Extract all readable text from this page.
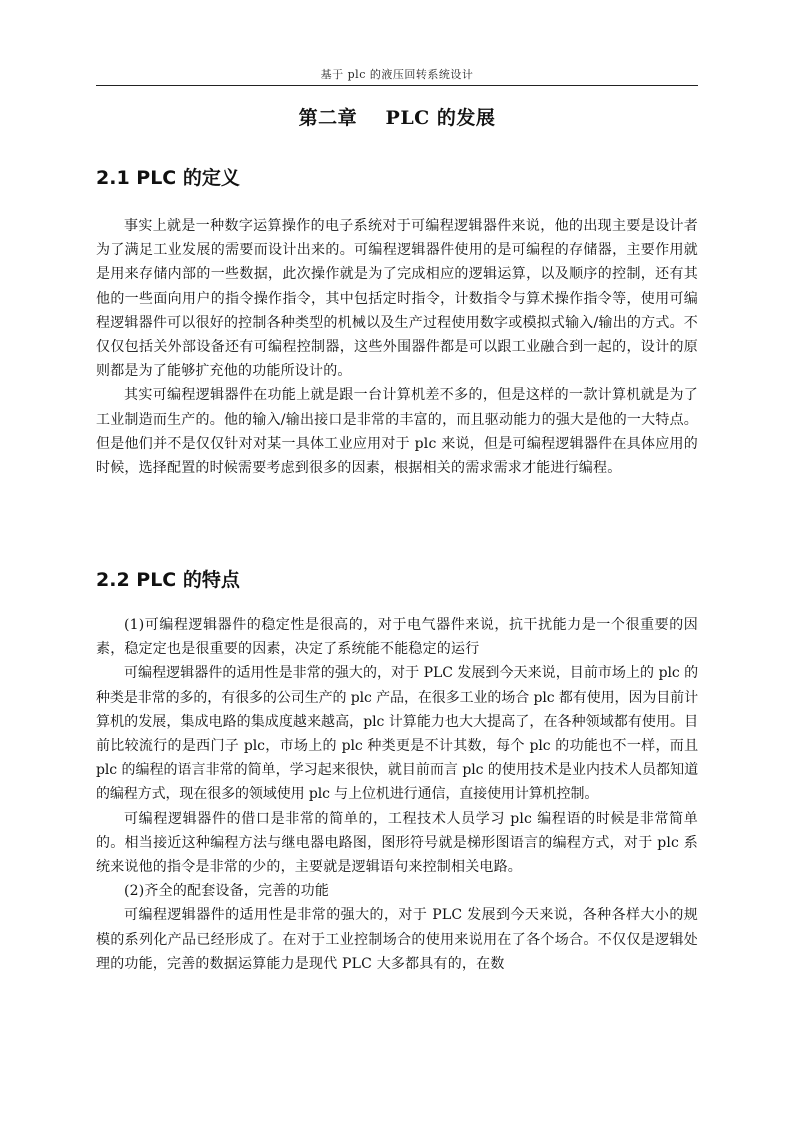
基于 plc 的液压回转系统设计
第二章    PLC 的发展
2.1 PLC 的定义

事实上就是一种数字运算操作的电子系统对于可编程逻辑器件来说，他的出现主要是设计者为了满足工业发展的需要而设计出来的。可编程逻辑器件使用的是可编程的存储器，主要作用就是用来存储内部的一些数据，此次操作就是为了完成相应的逻辑运算，以及顺序的控制，还有其他的一些面向用户的指令操作指令，其中包括定时指令，计数指令与算术操作指令等，使用可编程逻辑器件可以很好的控制各种类型的机械以及生产过程使用数字或模拟式输入/输出的方式。不仅仅包括关外部设备还有可编程控制器，这些外围器件都是可以跟工业融合到一起的，设计的原则都是为了能够扩充他的功能所设计的。

其实可编程逻辑器件在功能上就是跟一台计算机差不多的，但是这样的一款计算机就是为了工业制造而生产的。他的输入/输出接口是非常的丰富的，而且驱动能力的强大是他的一大特点。但是他们并不是仅仅针对对某一具体工业应用对于 plc 来说，但是可编程逻辑器件在具体应用的时候，选择配置的时候需要考虑到很多的因素，根据相关的需求需求才能进行编程。

2.2 PLC 的特点

(1)可编程逻辑器件的稳定性是很高的，对于电气器件来说，抗干扰能力是一个很重要的因素，稳定定也是很重要的因素，决定了系统能不能稳定的运行

可编程逻辑器件的适用性是非常的强大的，对于 PLC 发展到今天来说，目前市场上的 plc 的种类是非常的多的，有很多的公司生产的 plc 产品，在很多工业的场合 plc 都有使用，因为目前计算机的发展，集成电路的集成度越来越高，plc 计算能力也大大提高了，在各种领域都有使用。目前比较流行的是西门子 plc，市场上的 plc 种类更是不计其数，每个 plc 的功能也不一样，而且 plc 的编程的语言非常的简单，学习起来很快，就目前而言 plc 的使用技术是业内技术人员都知道的编程方式，现在很多的领域使用 plc 与上位机进行通信，直接使用计算机控制。

可编程逻辑器件的借口是非常的简单的，工程技术人员学习 plc 编程语的时候是非常简单的。相当接近这种编程方法与继电器电路图，图形符号就是梯形图语言的编程方式，对于 plc 系统来说他的指令是非常的少的，主要就是逻辑语句来控制相关电路。

(2)齐全的配套设备，完善的功能

可编程逻辑器件的适用性是非常的强大的，对于 PLC 发展到今天来说，各种各样大小的规模的系列化产品已经形成了。在对于工业控制场合的使用来说用在了各个场合。不仅仅是逻辑处理的功能，完善的数据运算能力是现代 PLC 大多都具有的，在数
